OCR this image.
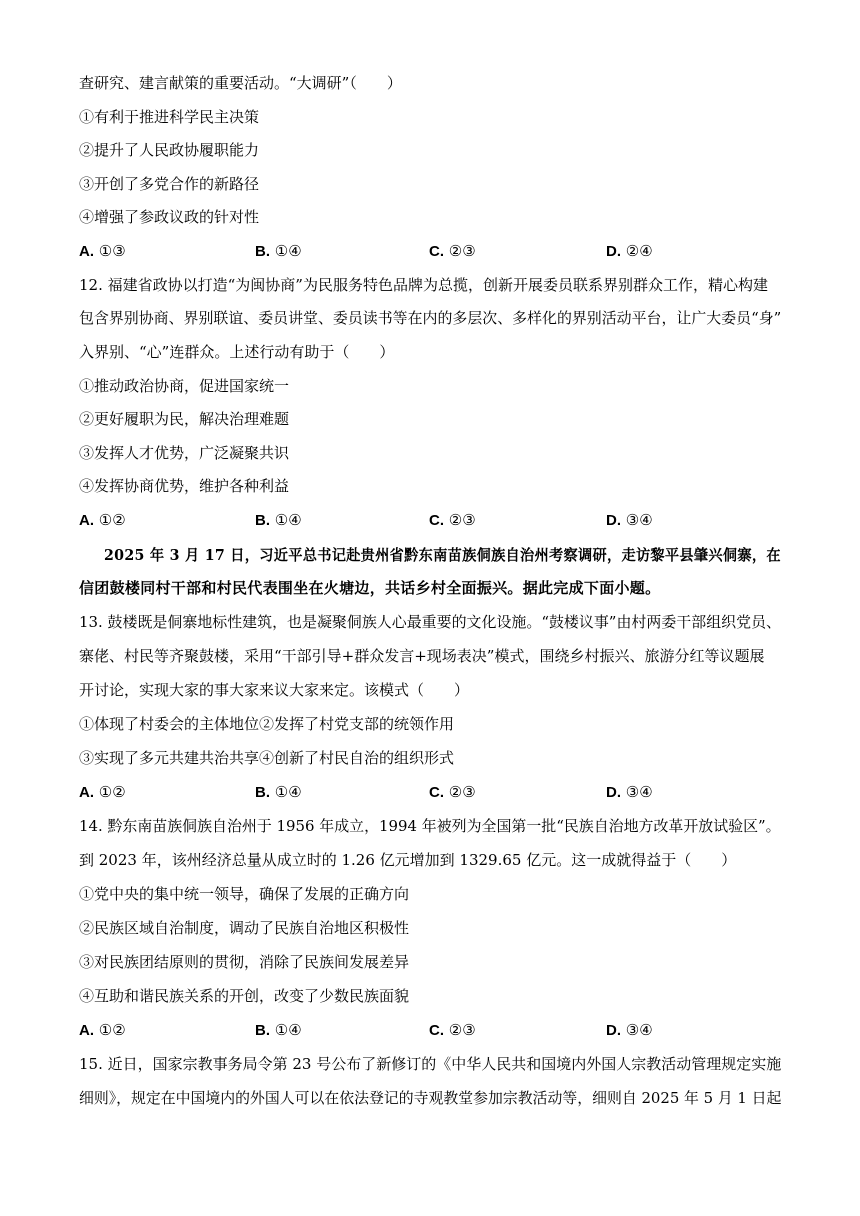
查研究、建言献策的重要活动。“大调研”（　　）
①有利于推进科学民主决策
②提升了人民政协履职能力
③开创了多党合作的新路径
④增强了参政议政的针对性
A. ①③	B. ①④	C. ②③	D. ②④
12. 福建省政协以打造“为闽协商”为民服务特色品牌为总揽，创新开展委员联系界别群众工作，精心构建
包含界别协商、界别联谊、委员讲堂、委员读书等在内的多层次、多样化的界别活动平台，让广大委员“身”
入界别、“心”连群众。上述行动有助于（　　）
①推动政治协商，促进国家统一
②更好履职为民，解决治理难题
③发挥人才优势，广泛凝聚共识
④发挥协商优势，维护各种利益
A. ①②	B. ①④	C. ②③	D. ③④
2025 年 3 月 17 日，习近平总书记赴贵州省黔东南苗族侗族自治州考察调研，走访黎平县肇兴侗寨，在
信团鼓楼同村干部和村民代表围坐在火塘边，共话乡村全面振兴。据此完成下面小题。
13. 鼓楼既是侗寨地标性建筑，也是凝聚侗族人心最重要的文化设施。“鼓楼议事”由村两委干部组织党员、
寨佬、村民等齐聚鼓楼，采用“干部引导+群众发言+现场表决”模式，围绕乡村振兴、旅游分红等议题展
开讨论，实现大家的事大家来议大家来定。该模式（　　）
①体现了村委会的主体地位②发挥了村党支部的统领作用
③实现了多元共建共治共享④创新了村民自治的组织形式
A. ①②	B. ①④	C. ②③	D. ③④
14. 黔东南苗族侗族自治州于 1956 年成立，1994 年被列为全国第一批“民族自治地方改革开放试验区”。
到 2023 年，该州经济总量从成立时的 1.26 亿元增加到 1329.65 亿元。这一成就得益于（　　）
①党中央的集中统一领导，确保了发展的正确方向
②民族区域自治制度，调动了民族自治地区积极性
③对民族团结原则的贯彻，消除了民族间发展差异
④互助和谐民族关系的开创，改变了少数民族面貌
A. ①②	B. ①④	C. ②③	D. ③④
15. 近日，国家宗教事务局令第 23 号公布了新修订的《中华人民共和国境内外国人宗教活动管理规定实施
细则》，规定在中国境内的外国人可以在依法登记的寺观教堂参加宗教活动等，细则自 2025 年 5 月 1 日起
